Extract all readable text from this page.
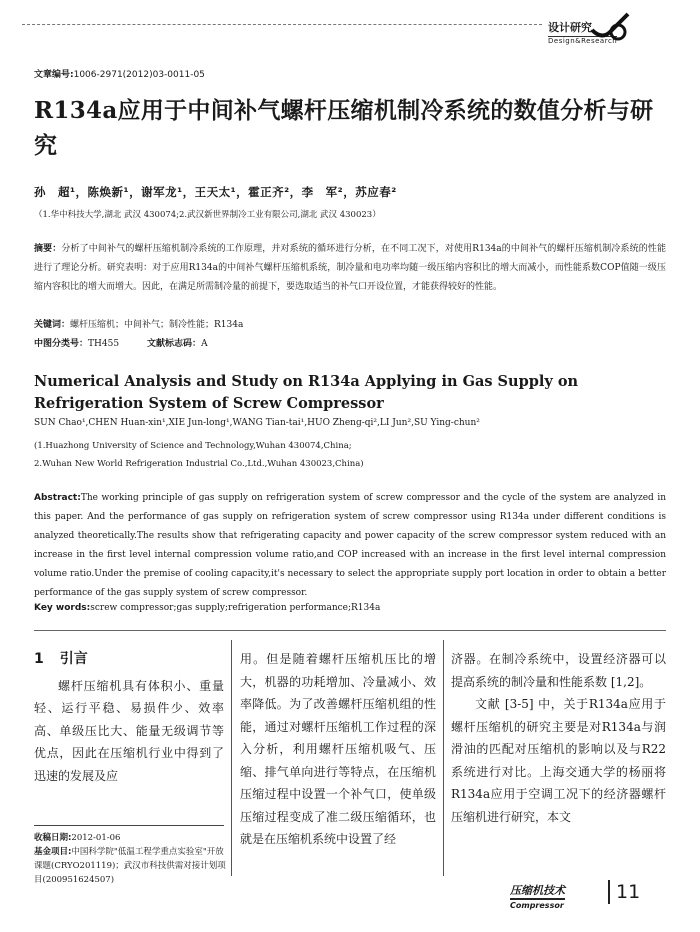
设计研究
Design&Research
文章编号:1006-2971(2012)03-0011-05
R134a应用于中间补气螺杆压缩机制冷系统的数值分析与研究
孙　超¹，陈焕新¹，谢军龙¹，王天太¹，霍正齐²，李　军²，苏应春²
（1.华中科技大学,湖北 武汉 430074;2.武汉新世界制冷工业有限公司,湖北 武汉 430023）
摘要：分析了中间补气的螺杆压缩机制冷系统的工作原理，并对系统的循环进行分析，在不同工况下，对使用R134a的中间补气的螺杆压缩机制冷系统的性能进行了理论分析。研究表明：对于应用R134a的中间补气螺杆压缩机系统，制冷量和电功率均随一级压缩内容积比的增大而减小，而性能系数COP值随一级压缩内容积比的增大而增大。因此，在满足所需制冷量的前提下，要选取适当的补气口开设位置，才能获得较好的性能。
关键词：螺杆压缩机；中间补气；制冷性能；R134a
中图分类号：TH455	文献标志码：A
Numerical Analysis and Study on R134a Applying in Gas Supply on Refrigeration System of Screw Compressor
SUN Chao¹,CHEN Huan-xin¹,XIE Jun-long¹,WANG Tian-tai¹,HUO Zheng-qi²,LI Jun²,SU Ying-chun²
(1.Huazhong University of Science and Technology,Wuhan 430074,China;
2.Wuhan New World Refrigeration Industrial Co.,Ltd.,Wuhan 430023,China)
Abstract:The working principle of gas supply on refrigeration system of screw compressor and the cycle of the system are analyzed in this paper. And the performance of gas supply on refrigeration system of screw compressor using R134a under different conditions is analyzed theoretically.The results show that refrigerating capacity and power capacity of the screw compressor system reduced with an increase in the first level internal compression volume ratio,and COP increased with an increase in the first level internal compression volume ratio.Under the premise of cooling capacity,it's necessary to select the appropriate supply port location in order to obtain a better performance of the gas supply system of screw compressor.
Key words:screw compressor;gas supply;refrigeration performance;R134a
1 引言
螺杆压缩机具有体积小、重量轻、运行平稳、易损件少、效率高、单级压比大、能量无级调节等优点，因此在压缩机行业中得到了迅速的发展及应
用。但是随着螺杆压缩机压比的增大，机器的功耗增加、冷量减小、效率降低。为了改善螺杆压缩机组的性能，通过对螺杆压缩机工作过程的深入分析，利用螺杆压缩机吸气、压缩、排气单向进行等特点，在压缩机压缩过程中设置一个补气口，使单级压缩过程变成了准二级压缩循环，也就是在压缩机系统中设置了经
济器。在制冷系统中，设置经济器可以提高系统的制冷量和性能系数 [1,2]。
文献 [3-5] 中，关于R134a应用于螺杆压缩机的研究主要是对R134a与润滑油的匹配对压缩机的影响以及与R22系统进行对比。上海交通大学的杨丽将R134a应用于空调工况下的经济器螺杆压缩机进行研究，本文
收稿日期:2012-01-06
基金项目:中国科学院"低温工程学重点实验室"开放课题(CRYO201119)；武汉市科技供需对接计划项目(200951624507)
压缩机技术
Compressor
11
